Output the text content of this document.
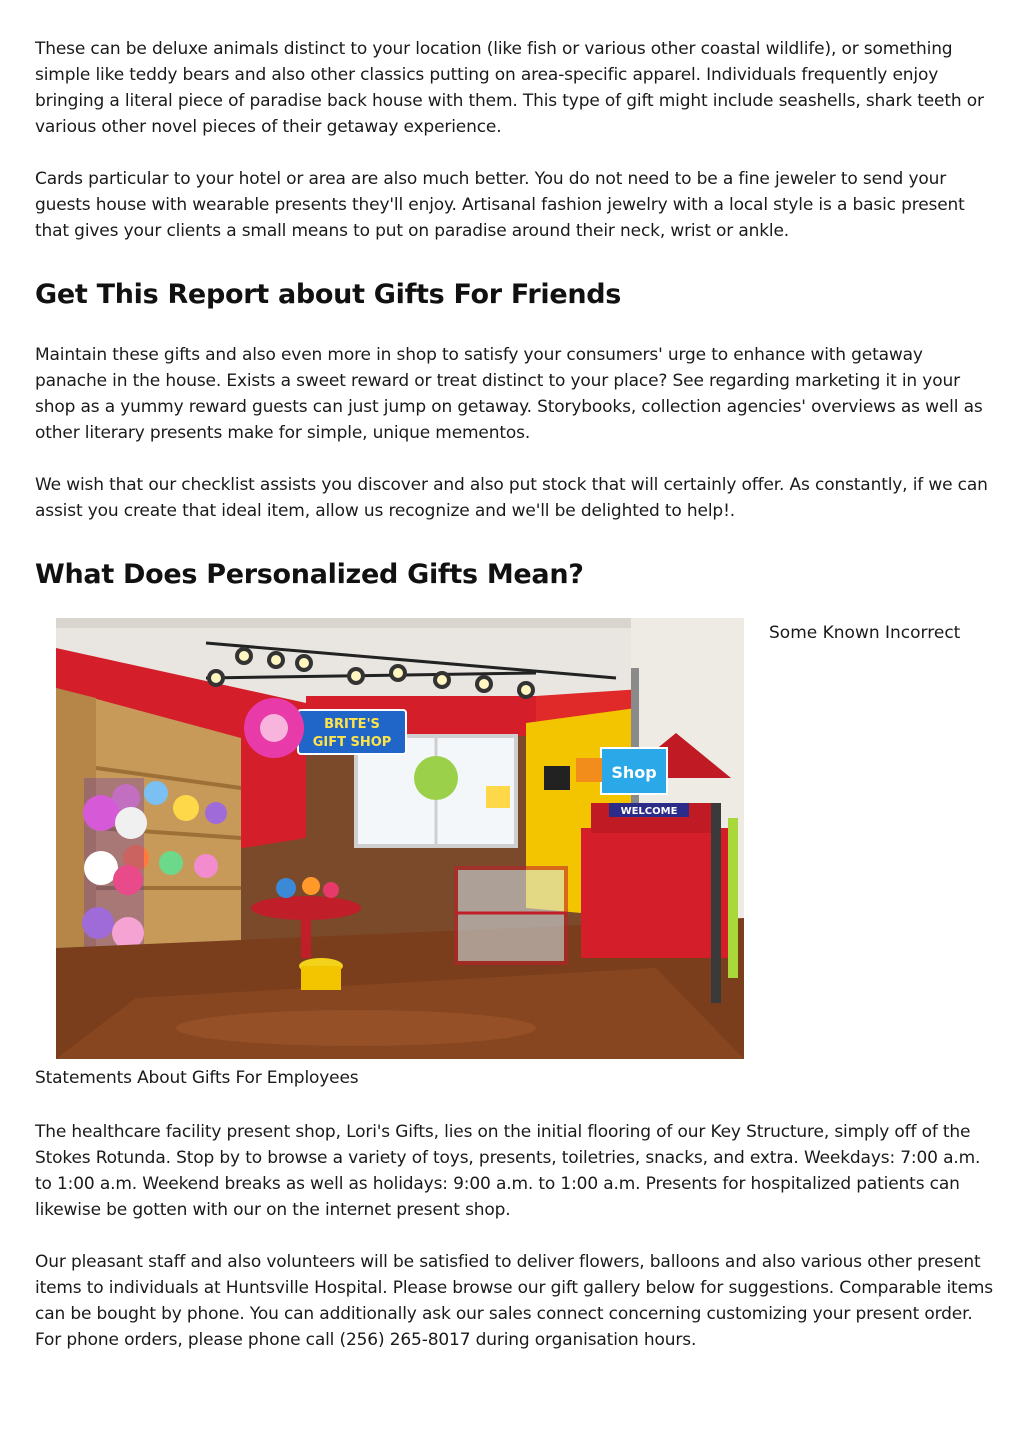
These can be deluxe animals distinct to your location (like fish or various other coastal wildlife), or something simple like teddy bears and also other classics putting on area-specific apparel. Individuals frequently enjoy bringing a literal piece of paradise back house with them. This type of gift might include seashells, shark teeth or various other novel pieces of their getaway experience.

Cards particular to your hotel or area are also much better. You do not need to be a fine jeweler to send your guests house with wearable presents they'll enjoy. Artisanal fashion jewelry with a local style is a basic present that gives your clients a small means to put on paradise around their neck, wrist or ankle.

Get This Report about Gifts For Friends

Maintain these gifts and also even more in shop to satisfy your consumers' urge to enhance with getaway panache in the house. Exists a sweet reward or treat distinct to your place? See regarding marketing it in your shop as a yummy reward guests can just jump on getaway. Storybooks, collection agencies' overviews as well as other literary presents make for simple, unique mementos.

We wish that our checklist assists you discover and also put stock that will certainly offer. As constantly, if we can assist you create that ideal item, allow us recognize and we'll be delighted to help!.

What Does Personalized Gifts Mean?
BRITE'S
GIFT SHOP
Shop
WELCOME
Some Known Incorrect

Statements About Gifts For Employees

The healthcare facility present shop, Lori's Gifts, lies on the initial flooring of our Key Structure, simply off of the Stokes Rotunda. Stop by to browse a variety of toys, presents, toiletries, snacks, and extra. Weekdays: 7:00 a.m. to 1:00 a.m. Weekend breaks as well as holidays: 9:00 a.m. to 1:00 a.m. Presents for hospitalized patients can likewise be gotten with our on the internet present shop.

Our pleasant staff and also volunteers will be satisfied to deliver flowers, balloons and also various other present items to individuals at Huntsville Hospital. Please browse our gift gallery below for suggestions. Comparable items can be bought by phone. You can additionally ask our sales connect concerning customizing your present order. For phone orders, please phone call (256) 265-8017 during organisation hours.
